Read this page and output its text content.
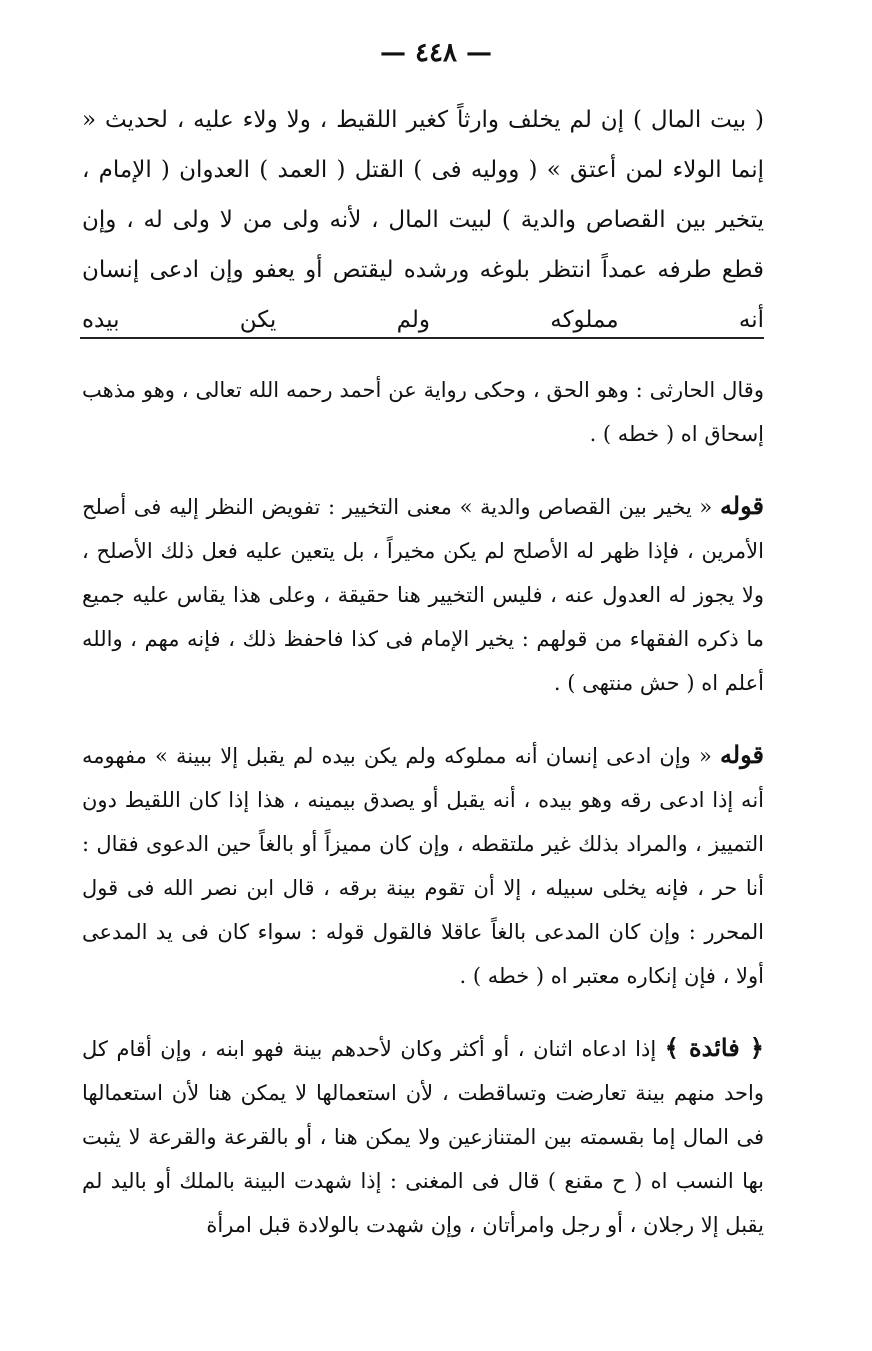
— ٤٤٨ —

( بيت المال ) إن لم يخلف وارثاً كغير اللقيط ، ولا ولاء عليه ، لحديث « إنما الولاء لمن أعتق » ( ووليه فى ) القتل ( العمد ) العدوان ( الإمام ، يتخير بين القصاص والدية ) لبيت المال ، لأنه ولى من لا ولى له ، وإن قطع طرفه عمداً انتظر بلوغه ورشده ليقتص أو يعفو وإن ادعى إنسان أنه مملوكه ولم يكن بيده

وقال الحارثى : وهو الحق ، وحكى رواية عن أحمد رحمه الله تعالى ، وهو مذهب إسحاق اه ( خطه ) .

قوله « يخير بين القصاص والدية » معنى التخيير : تفويض النظر إليه فى أصلح الأمرين ، فإذا ظهر له الأصلح لم يكن مخيراً ، بل يتعين عليه فعل ذلك الأصلح ، ولا يجوز له العدول عنه ، فليس التخيير هنا حقيقة ، وعلى هذا يقاس عليه جميع ما ذكره الفقهاء من قولهم : يخير الإمام فى كذا فاحفظ ذلك ، فإنه مهم ، والله أعلم اه ( حش منتهى ) .

قوله « وإن ادعى إنسان أنه مملوكه ولم يكن بيده لم يقبل إلا ببينة » مفهومه أنه إذا ادعى رقه وهو بيده ، أنه يقبل أو يصدق بيمينه ، هذا إذا كان اللقيط دون التمييز ، والمراد بذلك غير ملتقطه ، وإن كان مميزاً أو بالغاً حين الدعوى فقال : أنا حر ، فإنه يخلى سبيله ، إلا أن تقوم بينة برقه ، قال ابن نصر الله فى قول المحرر : وإن كان المدعى بالغاً عاقلا فالقول قوله : سواء كان فى يد المدعى أولا ، فإن إنكاره معتبر اه ( خطه ) .

﴿ فائدة ﴾ إذا ادعاه اثنان ، أو أكثر وكان لأحدهم بينة فهو ابنه ، وإن أقام كل واحد منهم بينة تعارضت وتساقطت ، لأن استعمالها لا يمكن هنا لأن استعمالها فى المال إما بقسمته بين المتنازعين ولا يمكن هنا ، أو بالقرعة والقرعة لا يثبت بها النسب اه ( ح مقنع ) قال فى المغنى : إذا شهدت البينة بالملك أو باليد لم يقبل إلا رجلان ، أو رجل وامرأتان ، وإن شهدت بالولادة قبل امرأة
